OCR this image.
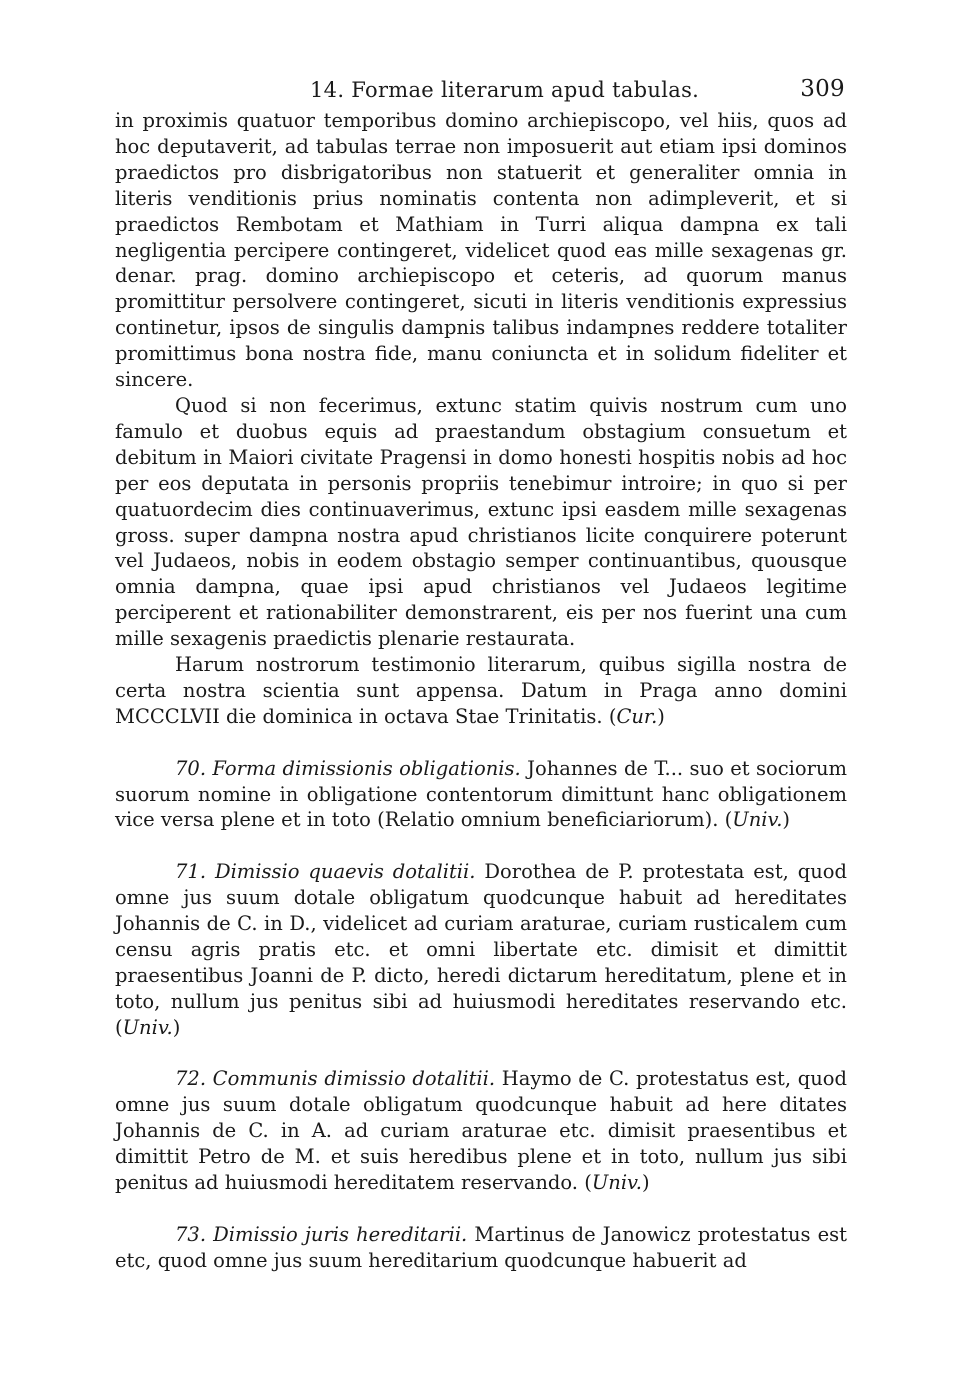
14. Formae literarum apud tabulas.	309

in proximis quatuor temporibus domino archiepiscopo, vel hiis, quos ad hoc deputaverit, ad tabulas terrae non imposuerit aut etiam ipsi dominos praedictos pro disbrigatoribus non statuerit et generaliter omnia in literis venditionis prius nominatis contenta non adimpleverit, et si praedictos Rembotam et Mathiam in Turri aliqua dampna ex tali negligentia percipere contingeret, videlicet quod eas mille sexagenas gr. denar. prag. domino archiepiscopo et ceteris, ad quorum manus promittitur persolvere contingeret, sicuti in literis venditionis expressius continetur, ipsos de singulis dampnis talibus indampnes reddere totaliter promittimus bona nostra fide, manu coniuncta et in solidum fideliter et sincere.

Quod si non fecerimus, extunc statim quivis nostrum cum uno famulo et duobus equis ad praestandum obstagium consuetum et debitum in Maiori civitate Pragensi in domo honesti hospitis nobis ad hoc per eos deputata in personis propriis tenebimur introire; in quo si per quatuordecim dies continuaverimus, extunc ipsi easdem mille sexagenas gross. super dampna nostra apud christianos licite conquirere poterunt vel Judaeos, nobis in eodem obstagio semper continuantibus, quousque omnia dampna, quae ipsi apud christianos vel Judaeos legitime perciperent et rationabiliter demonstrarent, eis per nos fuerint una cum mille sexagenis praedictis plenarie restaurata.

Harum nostrorum testimonio literarum, quibus sigilla nostra de certa nostra scientia sunt appensa. Datum in Praga anno domini MCCCLVII die dominica in octava Stae Trinitatis. (Cur.)

70. Forma dimissionis obligationis. Johannes de T... suo et sociorum suorum nomine in obligatione contentorum dimittunt hanc obligationem vice versa plene et in toto (Relatio omnium beneficiariorum). (Univ.)

71. Dimissio quaevis dotalitii. Dorothea de P. protestata est, quod omne jus suum dotale obligatum quodcunque habuit ad hereditates Johannis de C. in D., videlicet ad curiam araturae, curiam rusticalem cum censu agris pratis etc. et omni libertate etc. dimisit et dimittit praesentibus Joanni de P. dicto, heredi dictarum hereditatum, plene et in toto, nullum jus penitus sibi ad huiusmodi hereditates reservando etc. (Univ.)

72. Communis dimissio dotalitii. Haymo de C. protestatus est, quod omne jus suum dotale obligatum quodcunque habuit ad here ditates Johannis de C. in A. ad curiam araturae etc. dimisit praesentibus et dimittit Petro de M. et suis heredibus plene et in toto, nullum jus sibi penitus ad huiusmodi hereditatem reservando. (Univ.)

73. Dimissio juris hereditarii. Martinus de Janowicz protestatus est etc, quod omne jus suum hereditarium quodcunque habuerit ad
